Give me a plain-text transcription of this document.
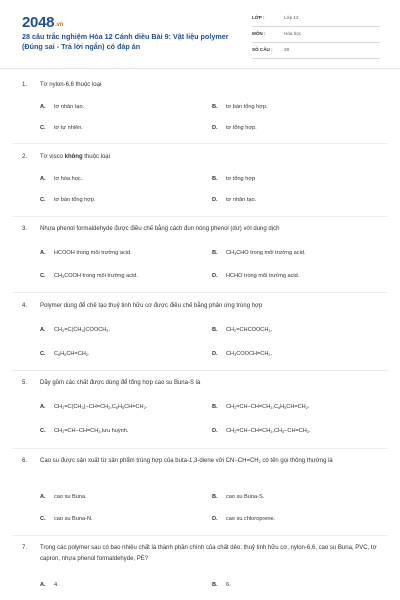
2048.vn
28 câu trắc nghiệm Hóa 12 Cánh diều Bài 9: Vật liệu polymer (Đúng sai - Trả lời ngắn) có đáp án
LỚP :	Lớp 12
MÔN :	Hóa học
SỐ CÂU : 28
1.	Tơ nylon-6,6 thuộc loại
A. tơ nhân tạo.	B. tơ bán tổng hợp.
C. tơ tự nhiên.	D. tơ tổng hợp.
2.	Tơ visco không thuộc loại
A. tơ hóa học.	B. tơ tổng hợp
C. tơ bán tổng hợp.	D. tơ nhân tạo.
3.	Nhựa phenol formaldehyde được điều chế bằng cách đun nóng phenol (dư) với dung dịch
A. HCOOH trong môi trường acid.	B. $CH_3CHO$ trong môi trường acid.
C. $CH_3COOH$ trong môi trường acid.	D. HCHO trong môi trường acid.
4.	Polymer dùng để chế tạo thuỷ tinh hữu cơ được điều chế bằng phản ứng trùng hợp
A. $CH_2=C(CH_3)COOCH_3$.	B. $CH_2=CHCOOCH_3$.
C. $C_6H_5CH=CH_2$.	D. $CH_3COOCH=CH_2$.
5.	Dãy gồm các chất được dùng để tổng hợp cao su Buna-S là
A. $CH_2=C(CH_3)-CH=CH_2,C_6H_5CH=CH_2$.	B. $CH_2=CH-CH=CH_2,C_6H_5CH=CH_2$.
C. $CH_2=CH-CH=CH_2,lưu$ huỳnh.	D. $CH_2=CH-CH=CH_2,CH_3-CH=CH_2$.
6.	Cao su được sản xuất từ sản phẩm trùng hợp của buta-1,3-diene với $CN-CH=CH_2$ có tên gọi thông thường là
A. cao su Buna.	B. cao su Buna-S.
C. cao su Buna-N.	D. cao su chloroprene.
7.	Trong các polymer sau có bao nhiêu chất là thành phần chính của chất dẻo: thuỷ tinh hữu cơ, nylon-6,6, cao su Buna, PVC, tơ capron, nhựa phenol formaldehyde, PE?
A. 4.	B. 6.
